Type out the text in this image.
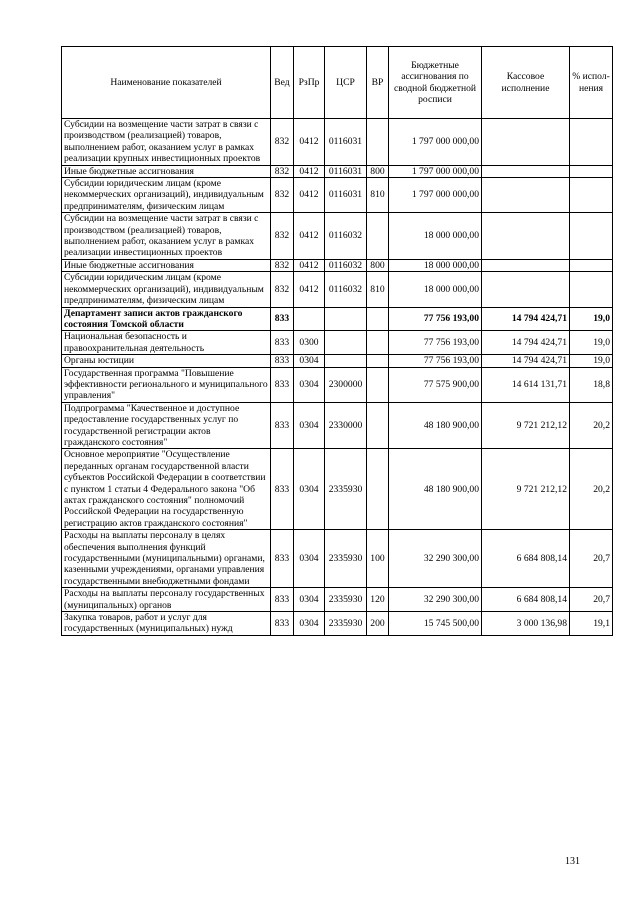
Наименование показателей	Вед	РзПр	ЦСР	ВР	Бюджетные ассигнования по сводной бюджетной росписи	Кассовое исполнение	% испол-нения
Субсидии на возмещение части затрат в связи с производством (реализацией) товаров, выполнением работ, оказанием услуг в рамках реализации крупных инвестиционных проектов	832	0412	0116031		1 797 000 000,00		
Иные бюджетные ассигнования	832	0412	0116031	800	1 797 000 000,00		
Субсидии юридическим лицам (кроме некоммерческих организаций), индивидуальным предпринимателям, физическим лицам	832	0412	0116031	810	1 797 000 000,00		
Субсидии на возмещение части затрат в связи с производством (реализацией) товаров, выполнением работ, оказанием услуг в рамках реализации инвестиционных проектов	832	0412	0116032		18 000 000,00		
Иные бюджетные ассигнования	832	0412	0116032	800	18 000 000,00		
Субсидии юридическим лицам (кроме некоммерческих организаций), индивидуальным предпринимателям, физическим лицам	832	0412	0116032	810	18 000 000,00		
Департамент записи актов гражданского состояния Томской области	833				77 756 193,00	14 794 424,71	19,0
Национальная безопасность и правоохранительная деятельность	833	0300			77 756 193,00	14 794 424,71	19,0
Органы юстиции	833	0304			77 756 193,00	14 794 424,71	19,0
Государственная программа "Повышение эффективности регионального и муниципального управления"	833	0304	2300000		77 575 900,00	14 614 131,71	18,8
Подпрограмма "Качественное и доступное предоставление государственных услуг по государственной регистрации актов гражданского состояния"	833	0304	2330000		48 180 900,00	9 721 212,12	20,2
Основное мероприятие "Осуществление переданных органам государственной власти субъектов Российской Федерации в соответствии с пунктом 1 статьи 4 Федерального закона "Об актах гражданского состояния" полномочий Российской Федерации на государственную регистрацию актов гражданского состояния"	833	0304	2335930		48 180 900,00	9 721 212,12	20,2
Расходы на выплаты персоналу в целях обеспечения выполнения функций государственными (муниципальными) органами, казенными учреждениями, органами управления государственными внебюджетными фондами	833	0304	2335930	100	32 290 300,00	6 684 808,14	20,7
Расходы на выплаты персоналу государственных (муниципальных) органов	833	0304	2335930	120	32 290 300,00	6 684 808,14	20,7
Закупка товаров, работ и услуг для государственных (муниципальных) нужд	833	0304	2335930	200	15 745 500,00	3 000 136,98	19,1
131
